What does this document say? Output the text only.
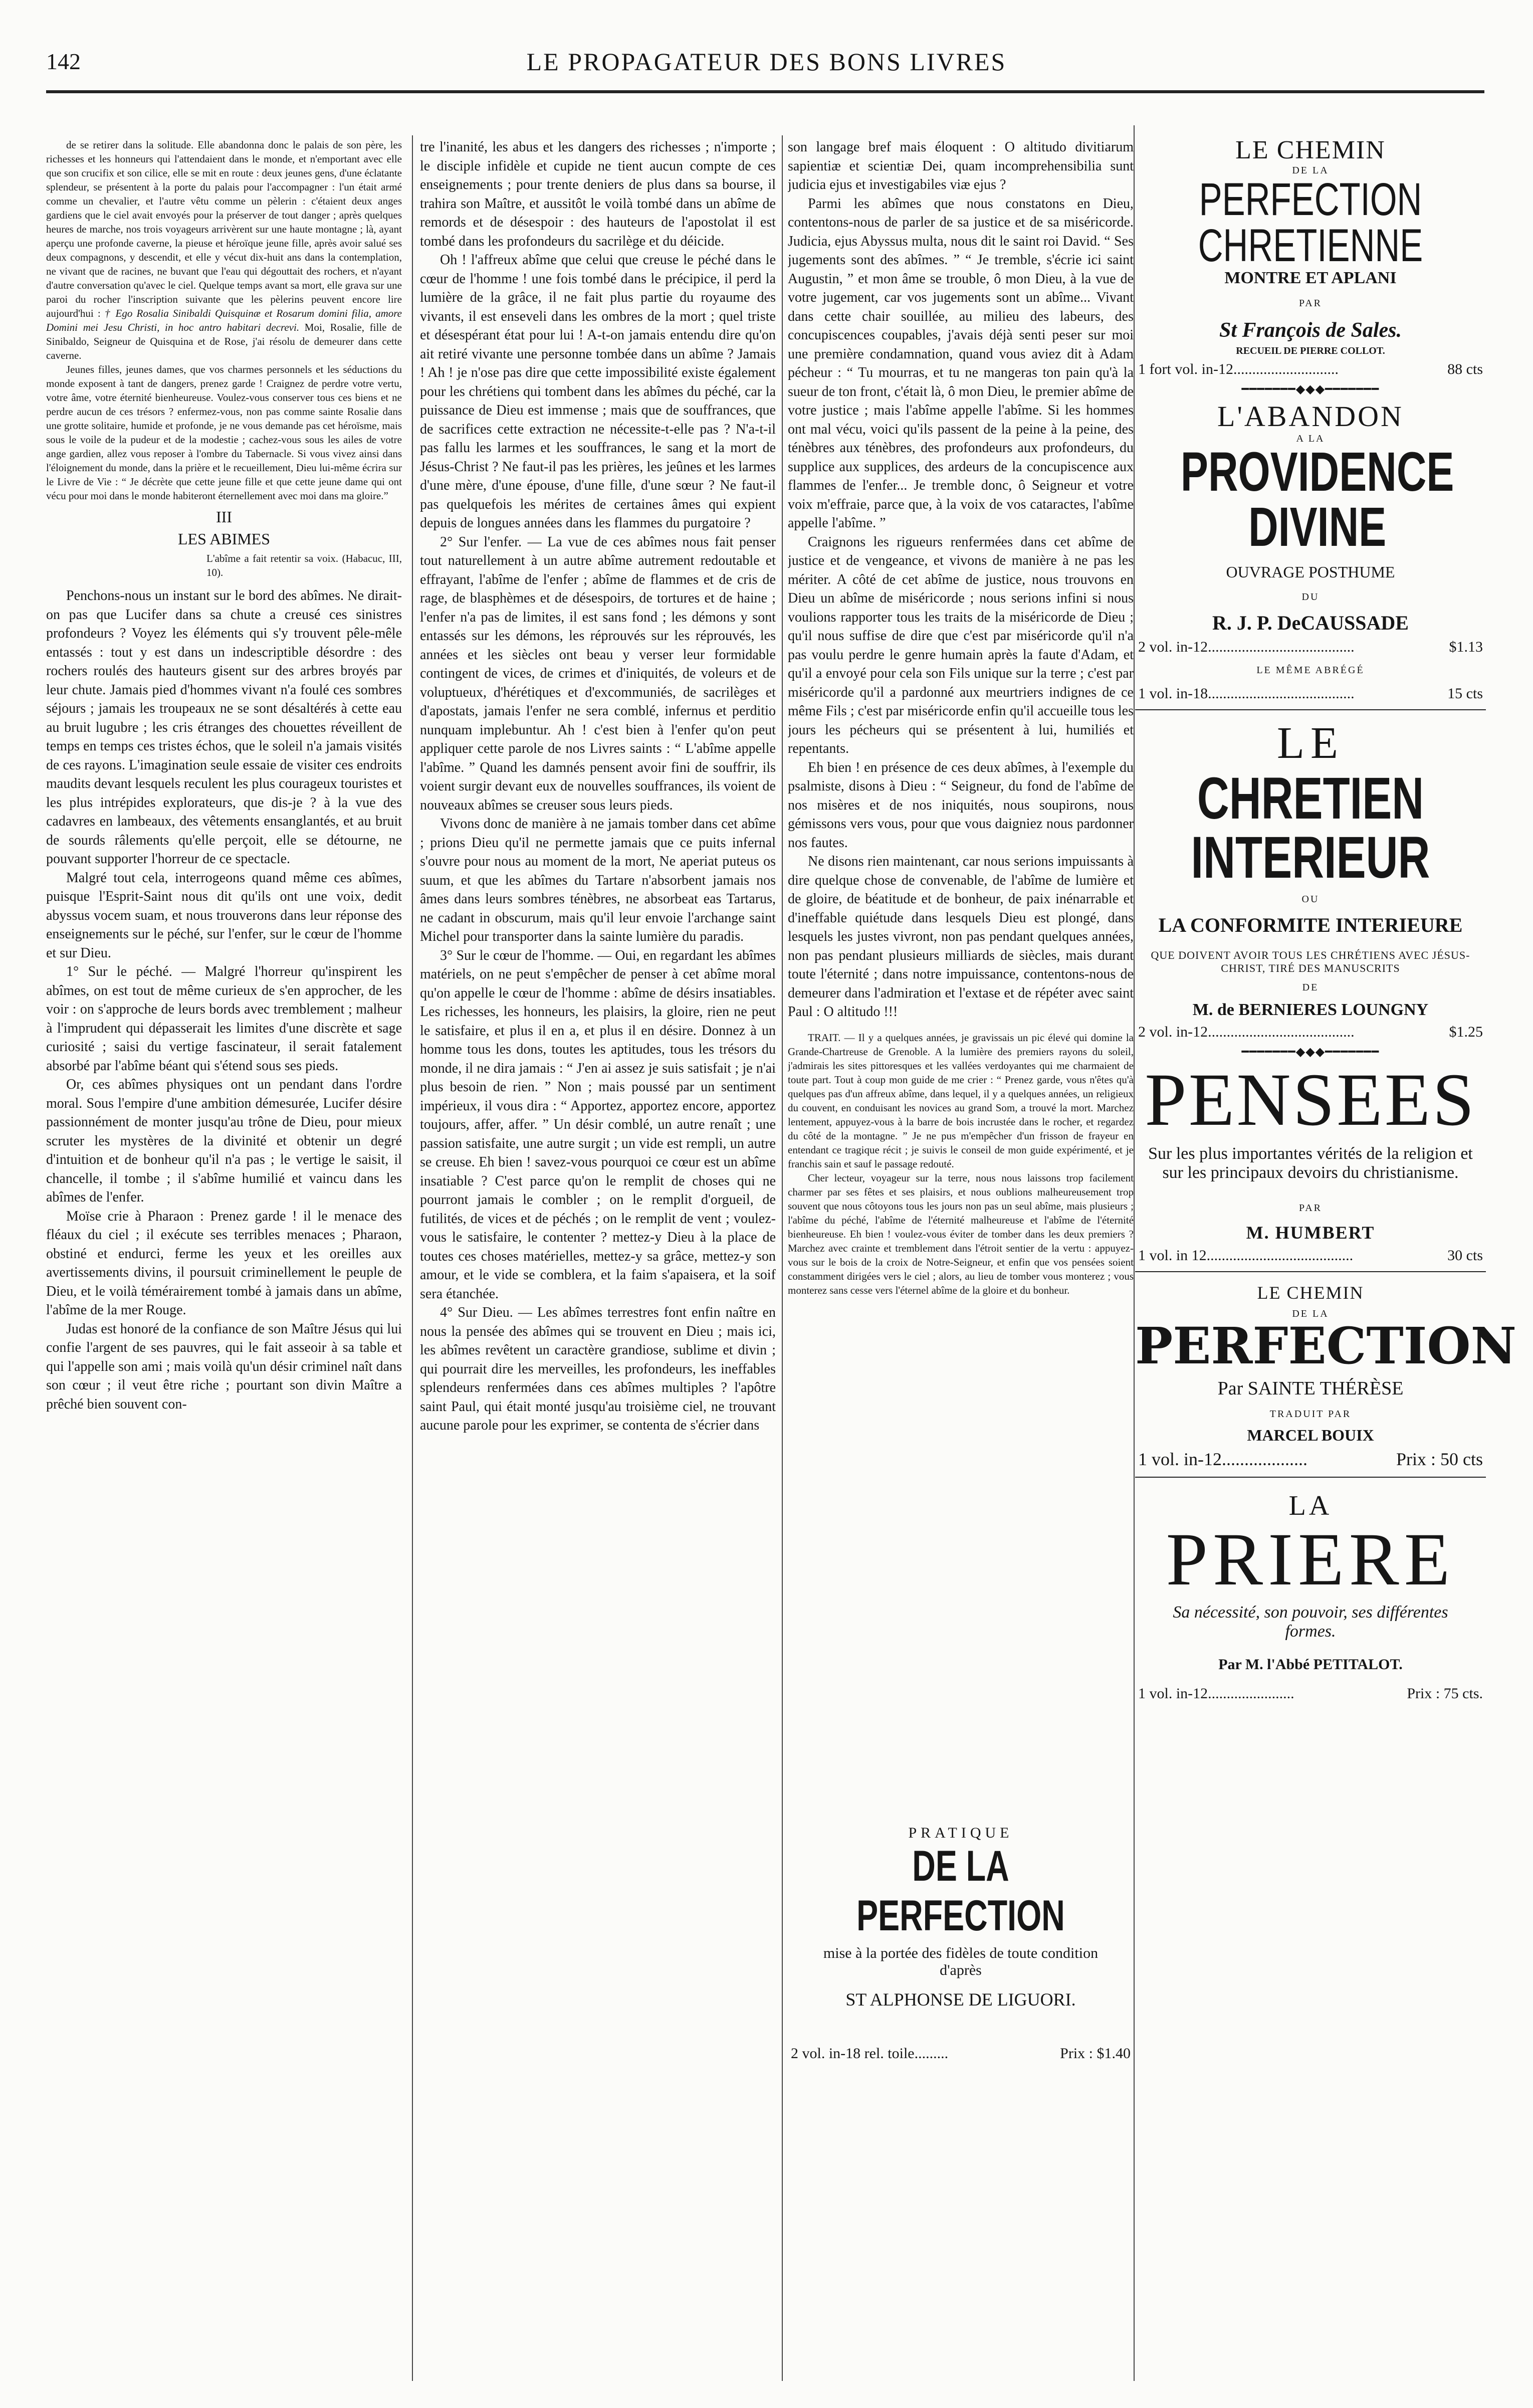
142	LE PROPAGATEUR DES BONS LIVRES

de se retirer dans la solitude. Elle abandonna donc le palais de son père, les richesses et les honneurs qui l'attendaient dans le monde, et n'emportant avec elle que son crucifix et son cilice, elle se mit en route : deux jeunes gens, d'une éclatante splendeur, se présentent à la porte du palais pour l'accompagner : l'un était armé comme un chevalier, et l'autre vêtu comme un pèlerin : c'étaient deux anges gardiens que le ciel avait envoyés pour la préserver de tout danger ; après quelques heures de marche, nos trois voyageurs arrivèrent sur une haute montagne ; là, ayant aperçu une profonde caverne, la pieuse et héroïque jeune fille, après avoir salué ses deux compagnons, y descendit, et elle y vécut dix-huit ans dans la contemplation, ne vivant que de racines, ne buvant que l'eau qui dégouttait des rochers, et n'ayant d'autre conversation qu'avec le ciel. Quelque temps avant sa mort, elle grava sur une paroi du rocher l'inscription suivante que les pèlerins peuvent encore lire aujourd'hui : † Ego Rosalia Sinibaldi Quisquinæ et Rosarum domini filia, amore Domini mei Jesu Christi, in hoc antro habitari decrevi. Moi, Rosalie, fille de Sinibaldo, Seigneur de Quisquina et de Rose, j'ai résolu de demeurer dans cette caverne.

Jeunes filles, jeunes dames, que vos charmes personnels et les séductions du monde exposent à tant de dangers, prenez garde ! Craignez de perdre votre vertu, votre âme, votre éternité bienheureuse. Voulez-vous conserver tous ces biens et ne perdre aucun de ces trésors ? enfermez-vous, non pas comme sainte Rosalie dans une grotte solitaire, humide et profonde, je ne vous demande pas cet héroïsme, mais sous le voile de la pudeur et de la modestie ; cachez-vous sous les ailes de votre ange gardien, allez vous reposer à l'ombre du Tabernacle. Si vous vivez ainsi dans l'éloignement du monde, dans la prière et le recueillement, Dieu lui-même écrira sur le Livre de Vie : “ Je décrète que cette jeune fille et que cette jeune dame qui ont vécu pour moi dans le monde habiteront éternellement avec moi dans ma gloire.”

III

LES ABIMES

L'abîme a fait retentir sa voix. (Habacuc, III, 10).

Penchons-nous un instant sur le bord des abîmes. Ne dirait-on pas que Lucifer dans sa chute a creusé ces sinistres profondeurs ? Voyez les éléments qui s'y trouvent pêle-mêle entassés : tout y est dans un indescriptible désordre : des rochers roulés des hauteurs gisent sur des arbres broyés par leur chute. Jamais pied d'hommes vivant n'a foulé ces sombres séjours ; jamais les troupeaux ne se sont désaltérés à cette eau au bruit lugubre ; les cris étranges des chouettes réveillent de temps en temps ces tristes échos, que le soleil n'a jamais visités de ces rayons. L'imagination seule essaie de visiter ces endroits maudits devant lesquels reculent les plus courageux touristes et les plus intrépides explorateurs, que dis-je ? à la vue des cadavres en lambeaux, des vêtements ensanglantés, et au bruit de sourds râlements qu'elle perçoit, elle se détourne, ne pouvant supporter l'horreur de ce spectacle.

Malgré tout cela, interrogeons quand même ces abîmes, puisque l'Esprit-Saint nous dit qu'ils ont une voix, dedit abyssus vocem suam, et nous trouverons dans leur réponse des enseignements sur le péché, sur l'enfer, sur le cœur de l'homme et sur Dieu.

1° Sur le péché. — Malgré l'horreur qu'inspirent les abîmes, on est tout de même curieux de s'en approcher, de les voir : on s'approche de leurs bords avec tremblement ; malheur à l'imprudent qui dépasserait les limites d'une discrète et sage curiosité ; saisi du vertige fascinateur, il serait fatalement absorbé par l'abîme béant qui s'étend sous ses pieds.

Or, ces abîmes physiques ont un pendant dans l'ordre moral. Sous l'empire d'une ambition démesurée, Lucifer désire passionnément de monter jusqu'au trône de Dieu, pour mieux scruter les mystères de la divinité et obtenir un degré d'intuition et de bonheur qu'il n'a pas ; le vertige le saisit, il chancelle, il tombe ; il s'abîme humilié et vaincu dans les abîmes de l'enfer.

Moïse crie à Pharaon : Prenez garde ! il le menace des fléaux du ciel ; il exécute ses terribles menaces ; Pharaon, obstiné et endurci, ferme les yeux et les oreilles aux avertissements divins, il poursuit criminellement le peuple de Dieu, et le voilà témérairement tombé à jamais dans un abîme, l'abîme de la mer Rouge.

Judas est honoré de la confiance de son Maître Jésus qui lui confie l'argent de ses pauvres, qui le fait asseoir à sa table et qui l'appelle son ami ; mais voilà qu'un désir criminel naît dans son cœur ; il veut être riche ; pourtant son divin Maître a prêché bien souvent con-

tre l'inanité, les abus et les dangers des richesses ; n'importe ; le disciple infidèle et cupide ne tient aucun compte de ces enseignements ; pour trente deniers de plus dans sa bourse, il trahira son Maître, et aussitôt le voilà tombé dans un abîme de remords et de désespoir : des hauteurs de l'apostolat il est tombé dans les profondeurs du sacrilège et du déicide.

Oh ! l'affreux abîme que celui que creuse le péché dans le cœur de l'homme ! une fois tombé dans le précipice, il perd la lumière de la grâce, il ne fait plus partie du royaume des vivants, il est enseveli dans les ombres de la mort ; quel triste et désespérant état pour lui ! A-t-on jamais entendu dire qu'on ait retiré vivante une personne tombée dans un abîme ? Jamais ! Ah ! je n'ose pas dire que cette impossibilité existe également pour les chrétiens qui tombent dans les abîmes du péché, car la puissance de Dieu est immense ; mais que de souffrances, que de sacrifices cette extraction ne nécessite-t-elle pas ? N'a-t-il pas fallu les larmes et les souffrances, le sang et la mort de Jésus-Christ ? Ne faut-il pas les prières, les jeûnes et les larmes d'une mère, d'une épouse, d'une fille, d'une sœur ? Ne faut-il pas quelquefois les mérites de certaines âmes qui expient depuis de longues années dans les flammes du purgatoire ?

2° Sur l'enfer. — La vue de ces abîmes nous fait penser tout naturellement à un autre abîme autrement redoutable et effrayant, l'abîme de l'enfer ; abîme de flammes et de cris de rage, de blasphèmes et de désespoirs, de tortures et de haine ; l'enfer n'a pas de limites, il est sans fond ; les démons y sont entassés sur les démons, les réprouvés sur les réprouvés, les années et les siècles ont beau y verser leur formidable contingent de vices, de crimes et d'iniquités, de voleurs et de voluptueux, d'hérétiques et d'excommuniés, de sacrilèges et d'apostats, jamais l'enfer ne sera comblé, infernus et perditio nunquam implebuntur. Ah ! c'est bien à l'enfer qu'on peut appliquer cette parole de nos Livres saints : “ L'abîme appelle l'abîme. ” Quand les damnés pensent avoir fini de souffrir, ils voient surgir devant eux de nouvelles souffrances, ils voient de nouveaux abîmes se creuser sous leurs pieds.

Vivons donc de manière à ne jamais tomber dans cet abîme ; prions Dieu qu'il ne permette jamais que ce puits infernal s'ouvre pour nous au moment de la mort, Ne aperiat puteus os suum, et que les abîmes du Tartare n'absorbent jamais nos âmes dans leurs sombres ténèbres, ne absorbeat eas Tartarus, ne cadant in obscurum, mais qu'il leur envoie l'archange saint Michel pour transporter dans la sainte lumière du paradis.

3° Sur le cœur de l'homme. — Oui, en regardant les abîmes matériels, on ne peut s'empêcher de penser à cet abîme moral qu'on appelle le cœur de l'homme : abîme de désirs insatiables. Les richesses, les honneurs, les plaisirs, la gloire, rien ne peut le satisfaire, et plus il en a, et plus il en désire. Donnez à un homme tous les dons, toutes les aptitudes, tous les trésors du monde, il ne dira jamais : “ J'en ai assez je suis satisfait ; je n'ai plus besoin de rien. ” Non ; mais poussé par un sentiment impérieux, il vous dira : “ Apportez, apportez encore, apportez toujours, affer, affer. ” Un désir comblé, un autre renaît ; une passion satisfaite, une autre surgit ; un vide est rempli, un autre se creuse. Eh bien ! savez-vous pourquoi ce cœur est un abîme insatiable ? C'est parce qu'on le remplit de choses qui ne pourront jamais le combler ; on le remplit d'orgueil, de futilités, de vices et de péchés ; on le remplit de vent ; voulez-vous le satisfaire, le contenter ? mettez-y Dieu à la place de toutes ces choses matérielles, mettez-y sa grâce, mettez-y son amour, et le vide se comblera, et la faim s'apaisera, et la soif sera étanchée.

4° Sur Dieu. — Les abîmes terrestres font enfin naître en nous la pensée des abîmes qui se trouvent en Dieu ; mais ici, les abîmes revêtent un caractère grandiose, sublime et divin ; qui pourrait dire les merveilles, les profondeurs, les ineffables splendeurs renfermées dans ces abîmes multiples ? l'apôtre saint Paul, qui était monté jusqu'au troisième ciel, ne trouvant aucune parole pour les exprimer, se contenta de s'écrier dans

son langage bref mais éloquent : O altitudo divitiarum sapientiæ et scientiæ Dei, quam incomprehensibilia sunt judicia ejus et investigabiles viæ ejus ?

Parmi les abîmes que nous constatons en Dieu, contentons-nous de parler de sa justice et de sa miséricorde. Judicia, ejus Abyssus multa, nous dit le saint roi David. “ Ses jugements sont des abîmes. ” “ Je tremble, s'écrie ici saint Augustin, ” et mon âme se trouble, ô mon Dieu, à la vue de votre jugement, car vos jugements sont un abîme... Vivant dans cette chair souillée, au milieu des labeurs, des concupiscences coupables, j'avais déjà senti peser sur moi une première condamnation, quand vous aviez dit à Adam pécheur : “ Tu mourras, et tu ne mangeras ton pain qu'à la sueur de ton front, c'était là, ô mon Dieu, le premier abîme de votre justice ; mais l'abîme appelle l'abîme. Si les hommes ont mal vécu, voici qu'ils passent de la peine à la peine, des ténèbres aux ténèbres, des profondeurs aux profondeurs, du supplice aux supplices, des ardeurs de la concupiscence aux flammes de l'enfer... Je tremble donc, ô Seigneur et votre voix m'effraie, parce que, à la voix de vos cataractes, l'abîme appelle l'abîme. ”

Craignons les rigueurs renfermées dans cet abîme de justice et de vengeance, et vivons de manière à ne pas les mériter. A côté de cet abîme de justice, nous trouvons en Dieu un abîme de miséricorde ; nous serions infini si nous voulions rapporter tous les traits de la miséricorde de Dieu ; qu'il nous suffise de dire que c'est par miséricorde qu'il n'a pas voulu perdre le genre humain après la faute d'Adam, et qu'il a envoyé pour cela son Fils unique sur la terre ; c'est par miséricorde qu'il a pardonné aux meurtriers indignes de ce même Fils ; c'est par miséricorde enfin qu'il accueille tous les jours les pécheurs qui se présentent à lui, humiliés et repentants.

Eh bien ! en présence de ces deux abîmes, à l'exemple du psalmiste, disons à Dieu : “ Seigneur, du fond de l'abîme de nos misères et de nos iniquités, nous soupirons, nous gémissons vers vous, pour que vous daigniez nous pardonner nos fautes.

Ne disons rien maintenant, car nous serions impuissants à dire quelque chose de convenable, de l'abîme de lumière et de gloire, de béatitude et de bonheur, de paix inénarrable et d'ineffable quiétude dans lesquels Dieu est plongé, dans lesquels les justes vivront, non pas pendant quelques années, non pas pendant plusieurs milliards de siècles, mais durant toute l'éternité ; dans notre impuissance, contentons-nous de demeurer dans l'admiration et l'extase et de répéter avec saint Paul : O altitudo !!!

TRAIT. — Il y a quelques années, je gravissais un pic élevé qui domine la Grande-Chartreuse de Grenoble. A la lumière des premiers rayons du soleil, j'admirais les sites pittoresques et les vallées verdoyantes qui me charmaient de toute part. Tout à coup mon guide de me crier : “ Prenez garde, vous n'êtes qu'à quelques pas d'un affreux abîme, dans lequel, il y a quelques années, un religieux du couvent, en conduisant les novices au grand Som, a trouvé la mort. Marchez lentement, appuyez-vous à la barre de bois incrustée dans le rocher, et regardez du côté de la montagne. ” Je ne pus m'empêcher d'un frisson de frayeur en entendant ce tragique récit ; je suivis le conseil de mon guide expérimenté, et je franchis sain et sauf le passage redouté.

Cher lecteur, voyageur sur la terre, nous nous laissons trop facilement charmer par ses fêtes et ses plaisirs, et nous oublions malheureusement trop souvent que nous côtoyons tous les jours non pas un seul abîme, mais plusieurs ; l'abîme du péché, l'abîme de l'éternité malheureuse et l'abîme de l'éternité bienheureuse. Eh bien ! voulez-vous éviter de tomber dans les deux premiers ? Marchez avec crainte et tremblement dans l'étroit sentier de la vertu : appuyez-vous sur le bois de la croix de Notre-Seigneur, et enfin que vos pensées soient constamment dirigées vers le ciel ; alors, au lieu de tomber vous monterez ; vous monterez sans cesse vers l'éternel abîme de la gloire et du bonheur.

PRATIQUE
DE LA PERFECTION
mise à la portée des fidèles de toute condition d'après
ST ALPHONSE DE LIGUORI.
2 vol. in-18 rel. toile.........	Prix : $1.40
LE CHEMIN
DE LA
PERFECTION CHRETIENNE
MONTRE ET APLANI
PAR
St François de Sales.
RECUEIL DE PIERRE COLLOT.
1 fort vol. in-12............................	88 cts
━━━━━━━◆◆◆━━━━━━━
L'ABANDON
A LA
PROVIDENCE DIVINE
OUVRAGE POSTHUME
DU
R. J. P. DeCAUSSADE
2 vol. in-12.......................................	$1.13
LE MÊME ABRÉGÉ
1 vol. in-18.......................................	15 cts
LE
CHRETIEN INTERIEUR
OU
LA CONFORMITE INTERIEURE
QUE DOIVENT AVOIR TOUS LES CHRÉTIENS AVEC JÉSUS-CHRIST, TIRÉ DES MANUSCRITS
DE
M. de BERNIERES LOUNGNY
2 vol. in-12.......................................	$1.25
━━━━━━━◆◆◆━━━━━━━
PENSEES
Sur les plus importantes vérités de la religion et sur les principaux devoirs du christianisme.
PAR
M. HUMBERT
1 vol. in 12.......................................	30 cts
LE CHEMIN
DE LA
PERFECTION
Par SAINTE THÉRÈSE
TRADUIT PAR
MARCEL BOUIX
1 vol. in-12...................	Prix : 50 cts
LA
PRIERE
Sa nécessité, son pouvoir, ses différentes formes.
Par M. l'Abbé PETITALOT.
1 vol. in-12.......................	Prix : 75 cts.
